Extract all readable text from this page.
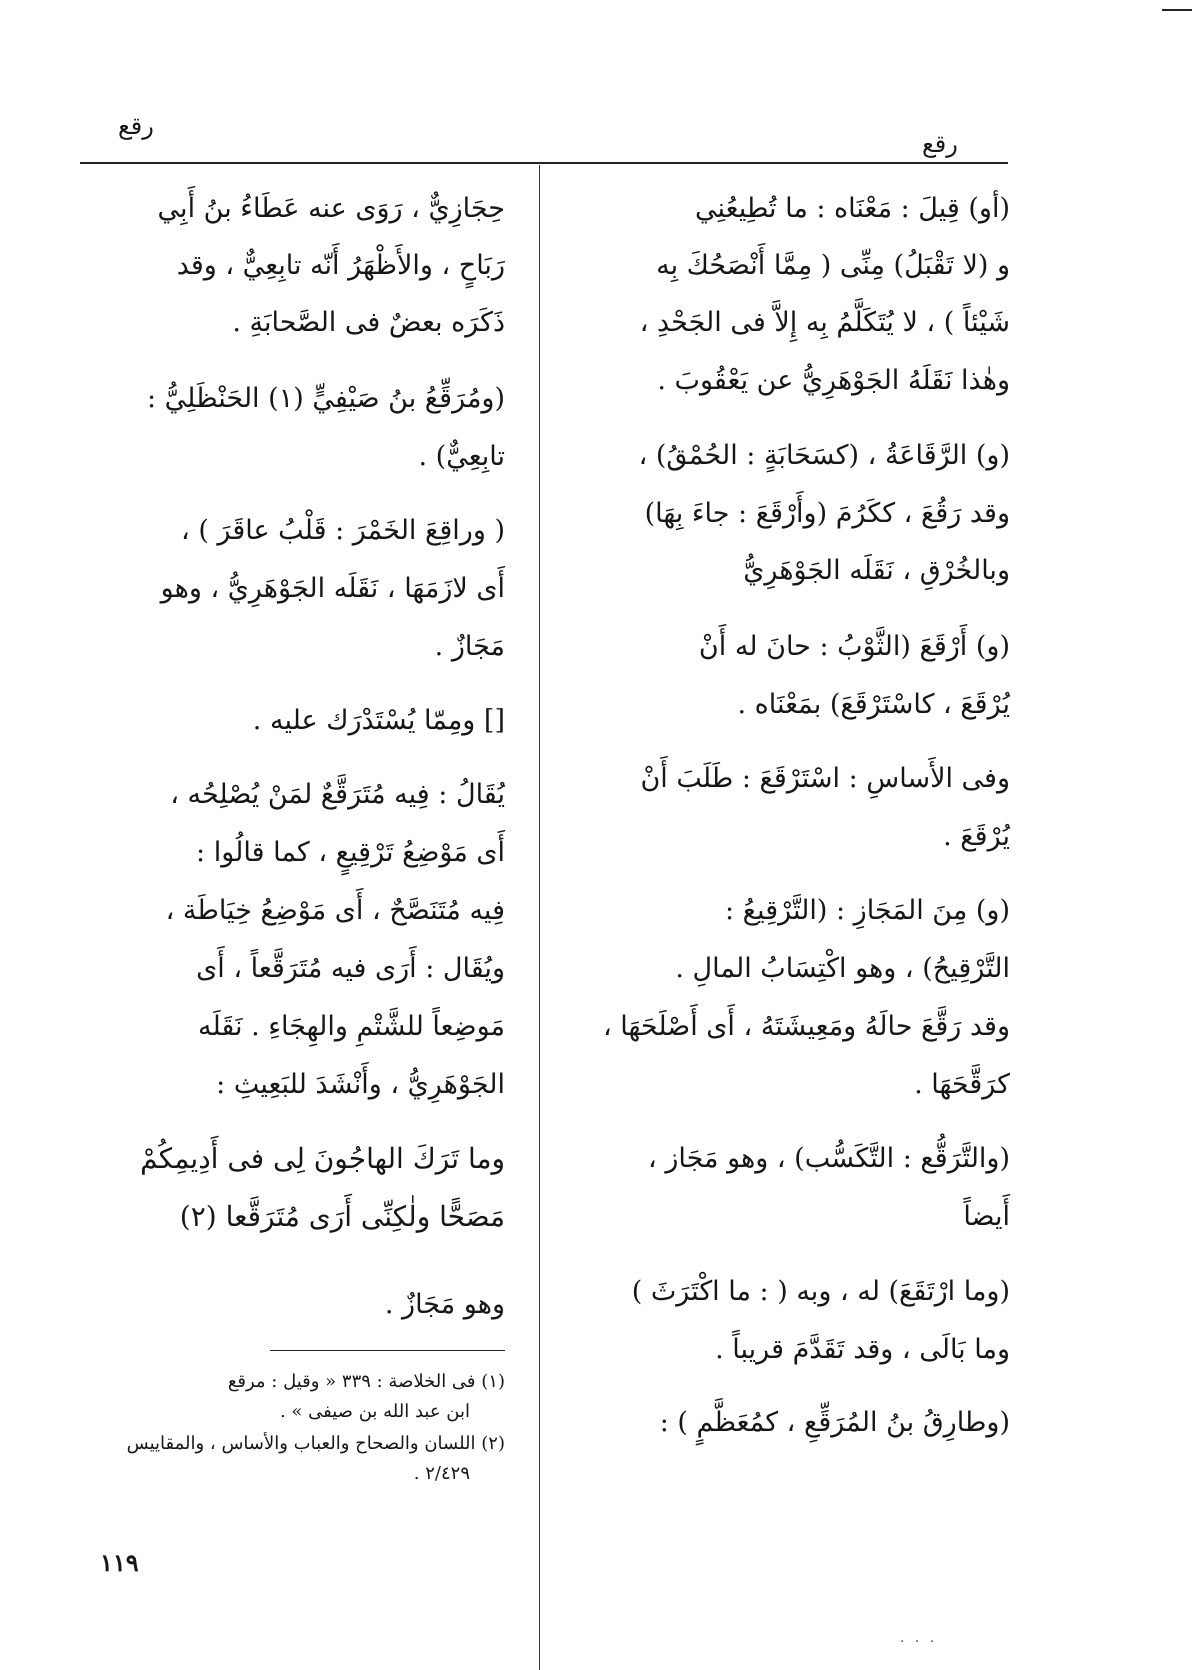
رقع
رقع
(أو) قِيلَ : مَعْنَاه : ما تُطِيعُنِي
و (لا تَقْبَلُ) مِنِّى ( مِمَّا أَنْصَحُكَ بِه
شَيْئاً ) ، لا يُتَكَلَّمُ بِه إِلاَّ فى الجَحْدِ ،
وهٰذا نَقَلَهُ الجَوْهَرِيُّ عن يَعْقُوبَ .
(و) الرَّقَاعَةُ ، (كسَحَابَةٍ : الحُمْقُ) ،
وقد رَقُعَ ، ككَرُمَ (وأَرْقَعَ : جاءَ بِهَا)
وبالخُرْقِ ، نَقَلَه الجَوْهَرِيُّ
(و) أَرْقَعَ (الثَّوْبُ : حانَ له أَنْ
يُرْقَعَ ، كاسْتَرْقَعَ) بمَعْنَاه .
وفى الأَساسِ : اسْتَرْقَعَ : طَلَبَ أَنْ
يُرْقَعَ .
(و) مِنَ المَجَازِ : (التَّرْقِيعُ :
التَّرْقِيحُ) ، وهو اكْتِسَابُ المالِ .
وقد رَقَّعَ حالَهُ ومَعِيشَتَهُ ، أَى أَصْلَحَهَا ،
كرَقَّحَهَا .
(والتَّرَقُّع : التَّكَسُّب) ، وهو مَجَاز ،
أَيضاً
(وما ارْتَقَعَ) له ، وبه ( : ما اكْتَرَثَ )
وما بَالَى ، وقد تَقَدَّمَ قريباً .
(وطارِقُ بنُ المُرَقِّعِ ، كمُعَظَّمٍ ) :
حِجَازِيٌّ ، رَوَى عنه عَطَاءُ بنُ أَبِي
رَبَاحٍ ، والأَظْهَرُ أَنّه تابِعِيٌّ ، وقد
ذَكَرَه بعضٌ فى الصَّحابَةِ .
(ومُرَقِّعُ بنُ صَيْفِيٍّ (١) الحَنْظَلِيُّ :
تابِعِيٌّ) .
( وراقِعَ الخَمْرَ : قَلْبُ عاقَرَ ) ،
أَى لازَمَهَا ، نَقَلَه الجَوْهَرِيُّ ، وهو
مَجَازٌ .
[] ومِمّا يُسْتَدْرَك عليه .
يُقَالُ : فِيه مُتَرَقَّعٌ لمَنْ يُصْلِحُه ،
أَى مَوْضِعُ تَرْقِيعٍ ، كما قالُوا :
فِيه مُتَنَصَّحٌ ، أَى مَوْضِعُ خِيَاطَة ،
ويُقَال : أَرَى فيه مُتَرَقَّعاً ، أَى
مَوضِعاً للشَّتْمِ والهِجَاءِ . نَقَلَه
الجَوْهَرِيُّ ، وأَنْشَدَ للبَعِيثِ :
وما تَرَكَ الهاجُونَ لِى فى أَدِيمِكُمْ
مَصَحًّا ولٰكِنِّى أَرَى مُتَرَقَّعا (٢)
وهو مَجَازٌ .
(١) فى الخلاصة : ٣٣٩ « وقيل : مرقع
ابن عبد الله بن صيفى » .
(٢) اللسان والصحاح والعباب والأساس ، والمقاييس
٢/٤٢٩ .
١١٩
· · ·
